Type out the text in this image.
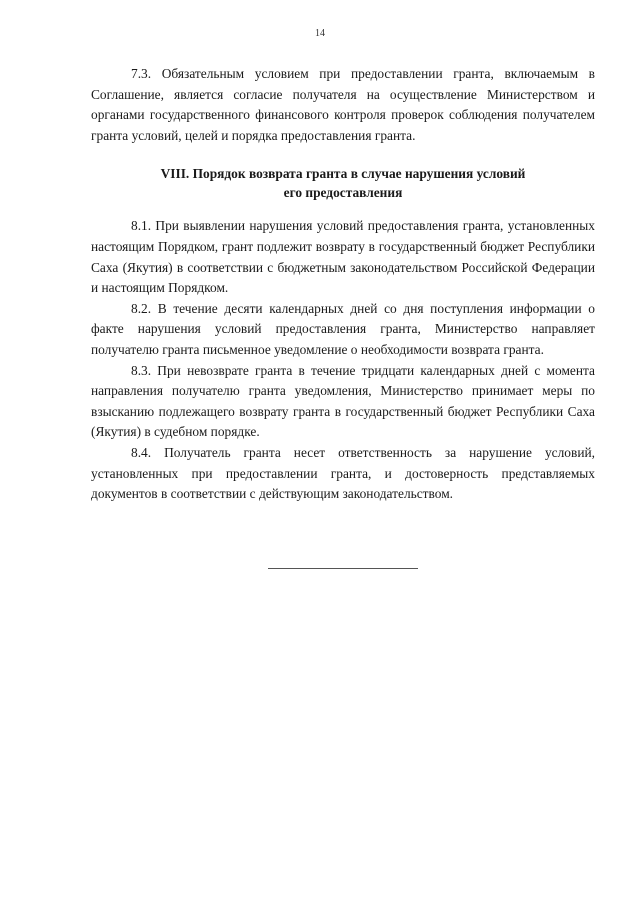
14

7.3. Обязательным условием при предоставлении гранта, включаемым в Соглашение, является согласие получателя на осуществление Министерством и органами государственного финансового контроля проверок соблюдения получателем гранта условий, целей и порядка предоставления гранта.

VIII. Порядок возврата гранта в случае нарушения условий
его предоставления

8.1. При выявлении нарушения условий предоставления гранта, установленных настоящим Порядком, грант подлежит возврату в государственный бюджет Республики Саха (Якутия) в соответствии с бюджетным законодательством Российской Федерации и настоящим Порядком.

8.2. В течение десяти календарных дней со дня поступления информации о факте нарушения условий предоставления гранта, Министерство направляет получателю гранта письменное уведомление о необходимости возврата гранта.

8.3. При невозврате гранта в течение тридцати календарных дней с момента направления получателю гранта уведомления, Министерство принимает меры по взысканию подлежащего возврату гранта в государственный бюджет Республики Саха (Якутия) в судебном порядке.

8.4. Получатель гранта несет ответственность за нарушение условий, установленных при предоставлении гранта, и достоверность представляемых документов в соответствии с действующим законодательством.
